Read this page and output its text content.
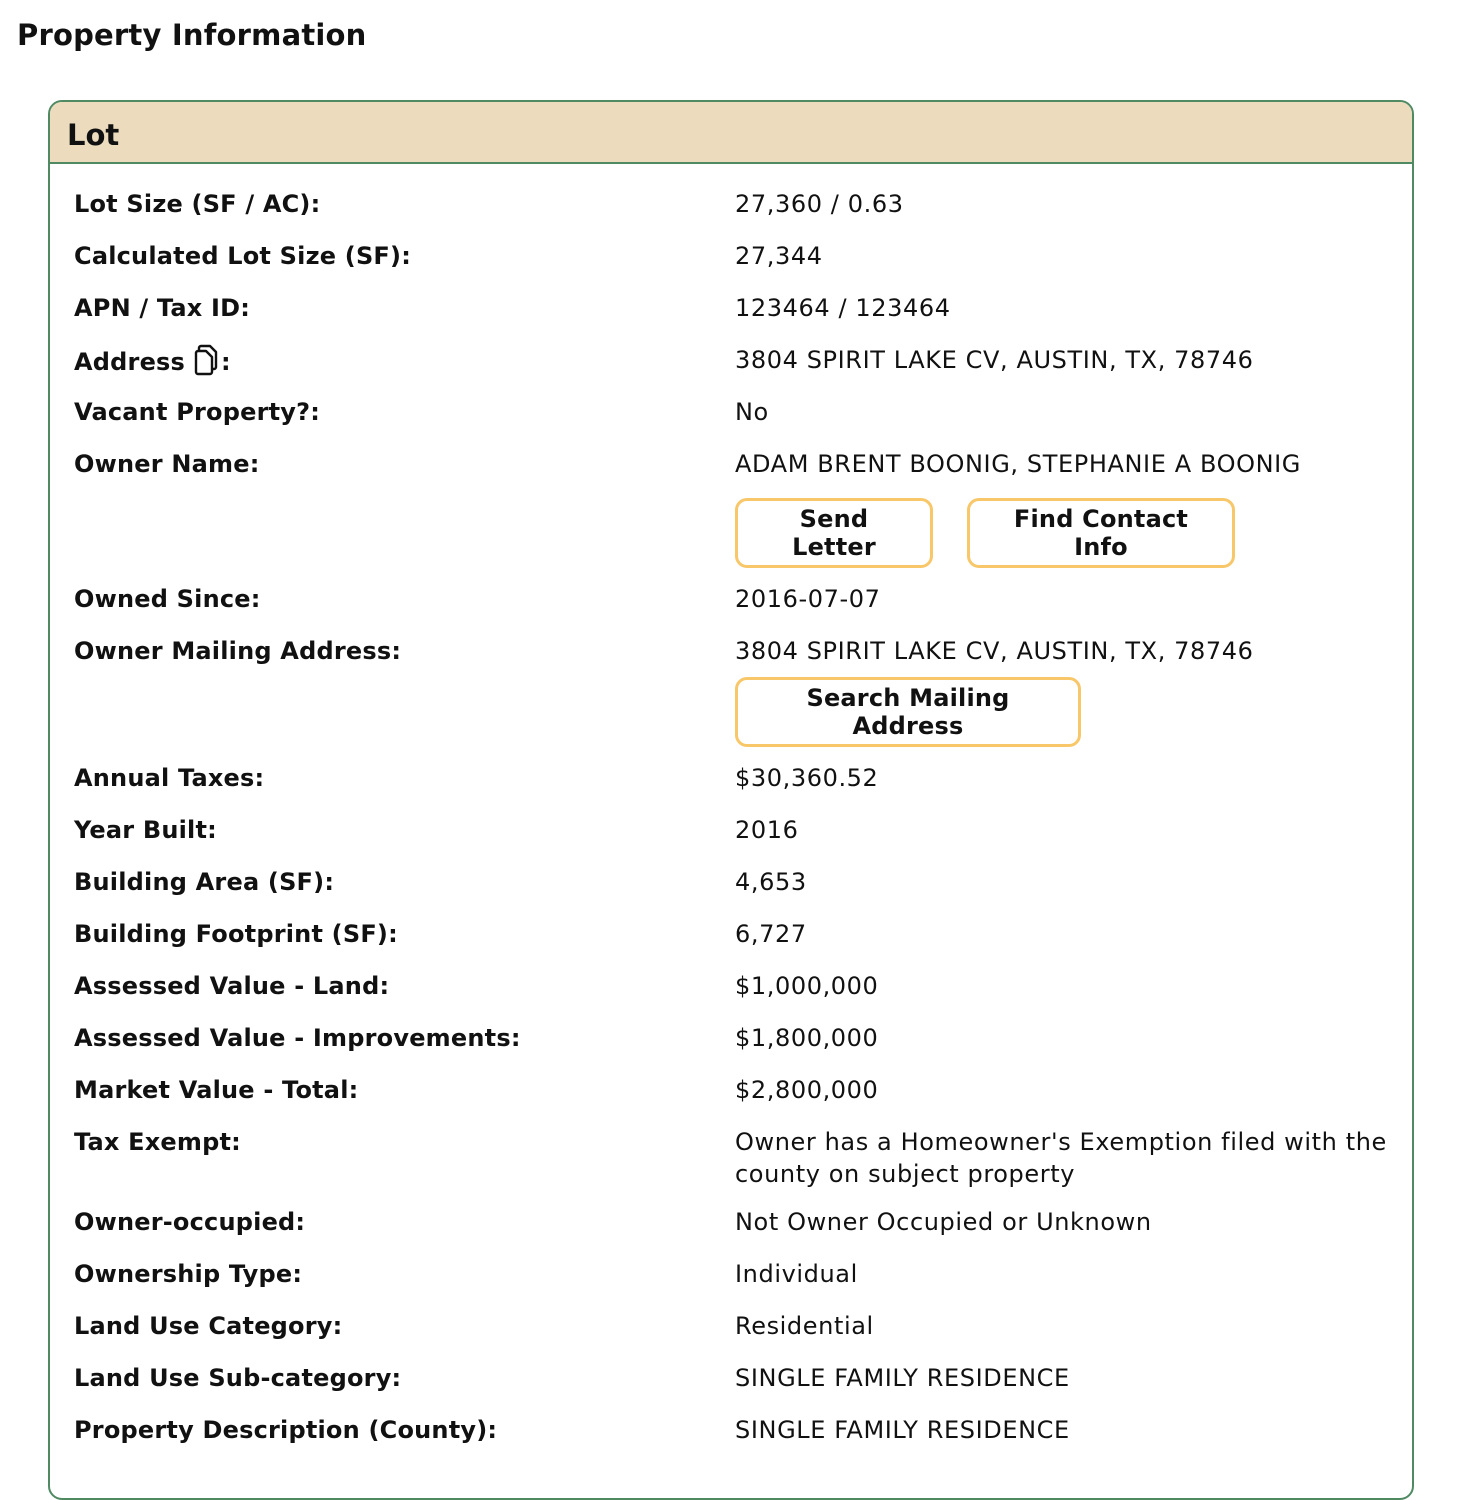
Property Information
Lot
Lot Size (SF / AC):	27,360 / 0.63
Calculated Lot Size (SF):	27,344
APN / Tax ID:	123464 / 123464
Address :	3804 SPIRIT LAKE CV, AUSTIN, TX, 78746
Vacant Property?:	No
Owner Name:	ADAM BRENT BOONIG, STEPHANIE A BOONIG
Send Letter
Find Contact Info
Owned Since:	2016-07-07
Owner Mailing Address:	3804 SPIRIT LAKE CV, AUSTIN, TX, 78746
Search Mailing Address
Annual Taxes:	$30,360.52
Year Built:	2016
Building Area (SF):	4,653
Building Footprint (SF):	6,727
Assessed Value - Land:	$1,000,000
Assessed Value - Improvements:	$1,800,000
Market Value - Total:	$2,800,000
Tax Exempt:	Owner has a Homeowner's Exemption filed with the county on subject property
Owner-occupied:	Not Owner Occupied or Unknown
Ownership Type:	Individual
Land Use Category:	Residential
Land Use Sub-category:	SINGLE FAMILY RESIDENCE
Property Description (County):	SINGLE FAMILY RESIDENCE
